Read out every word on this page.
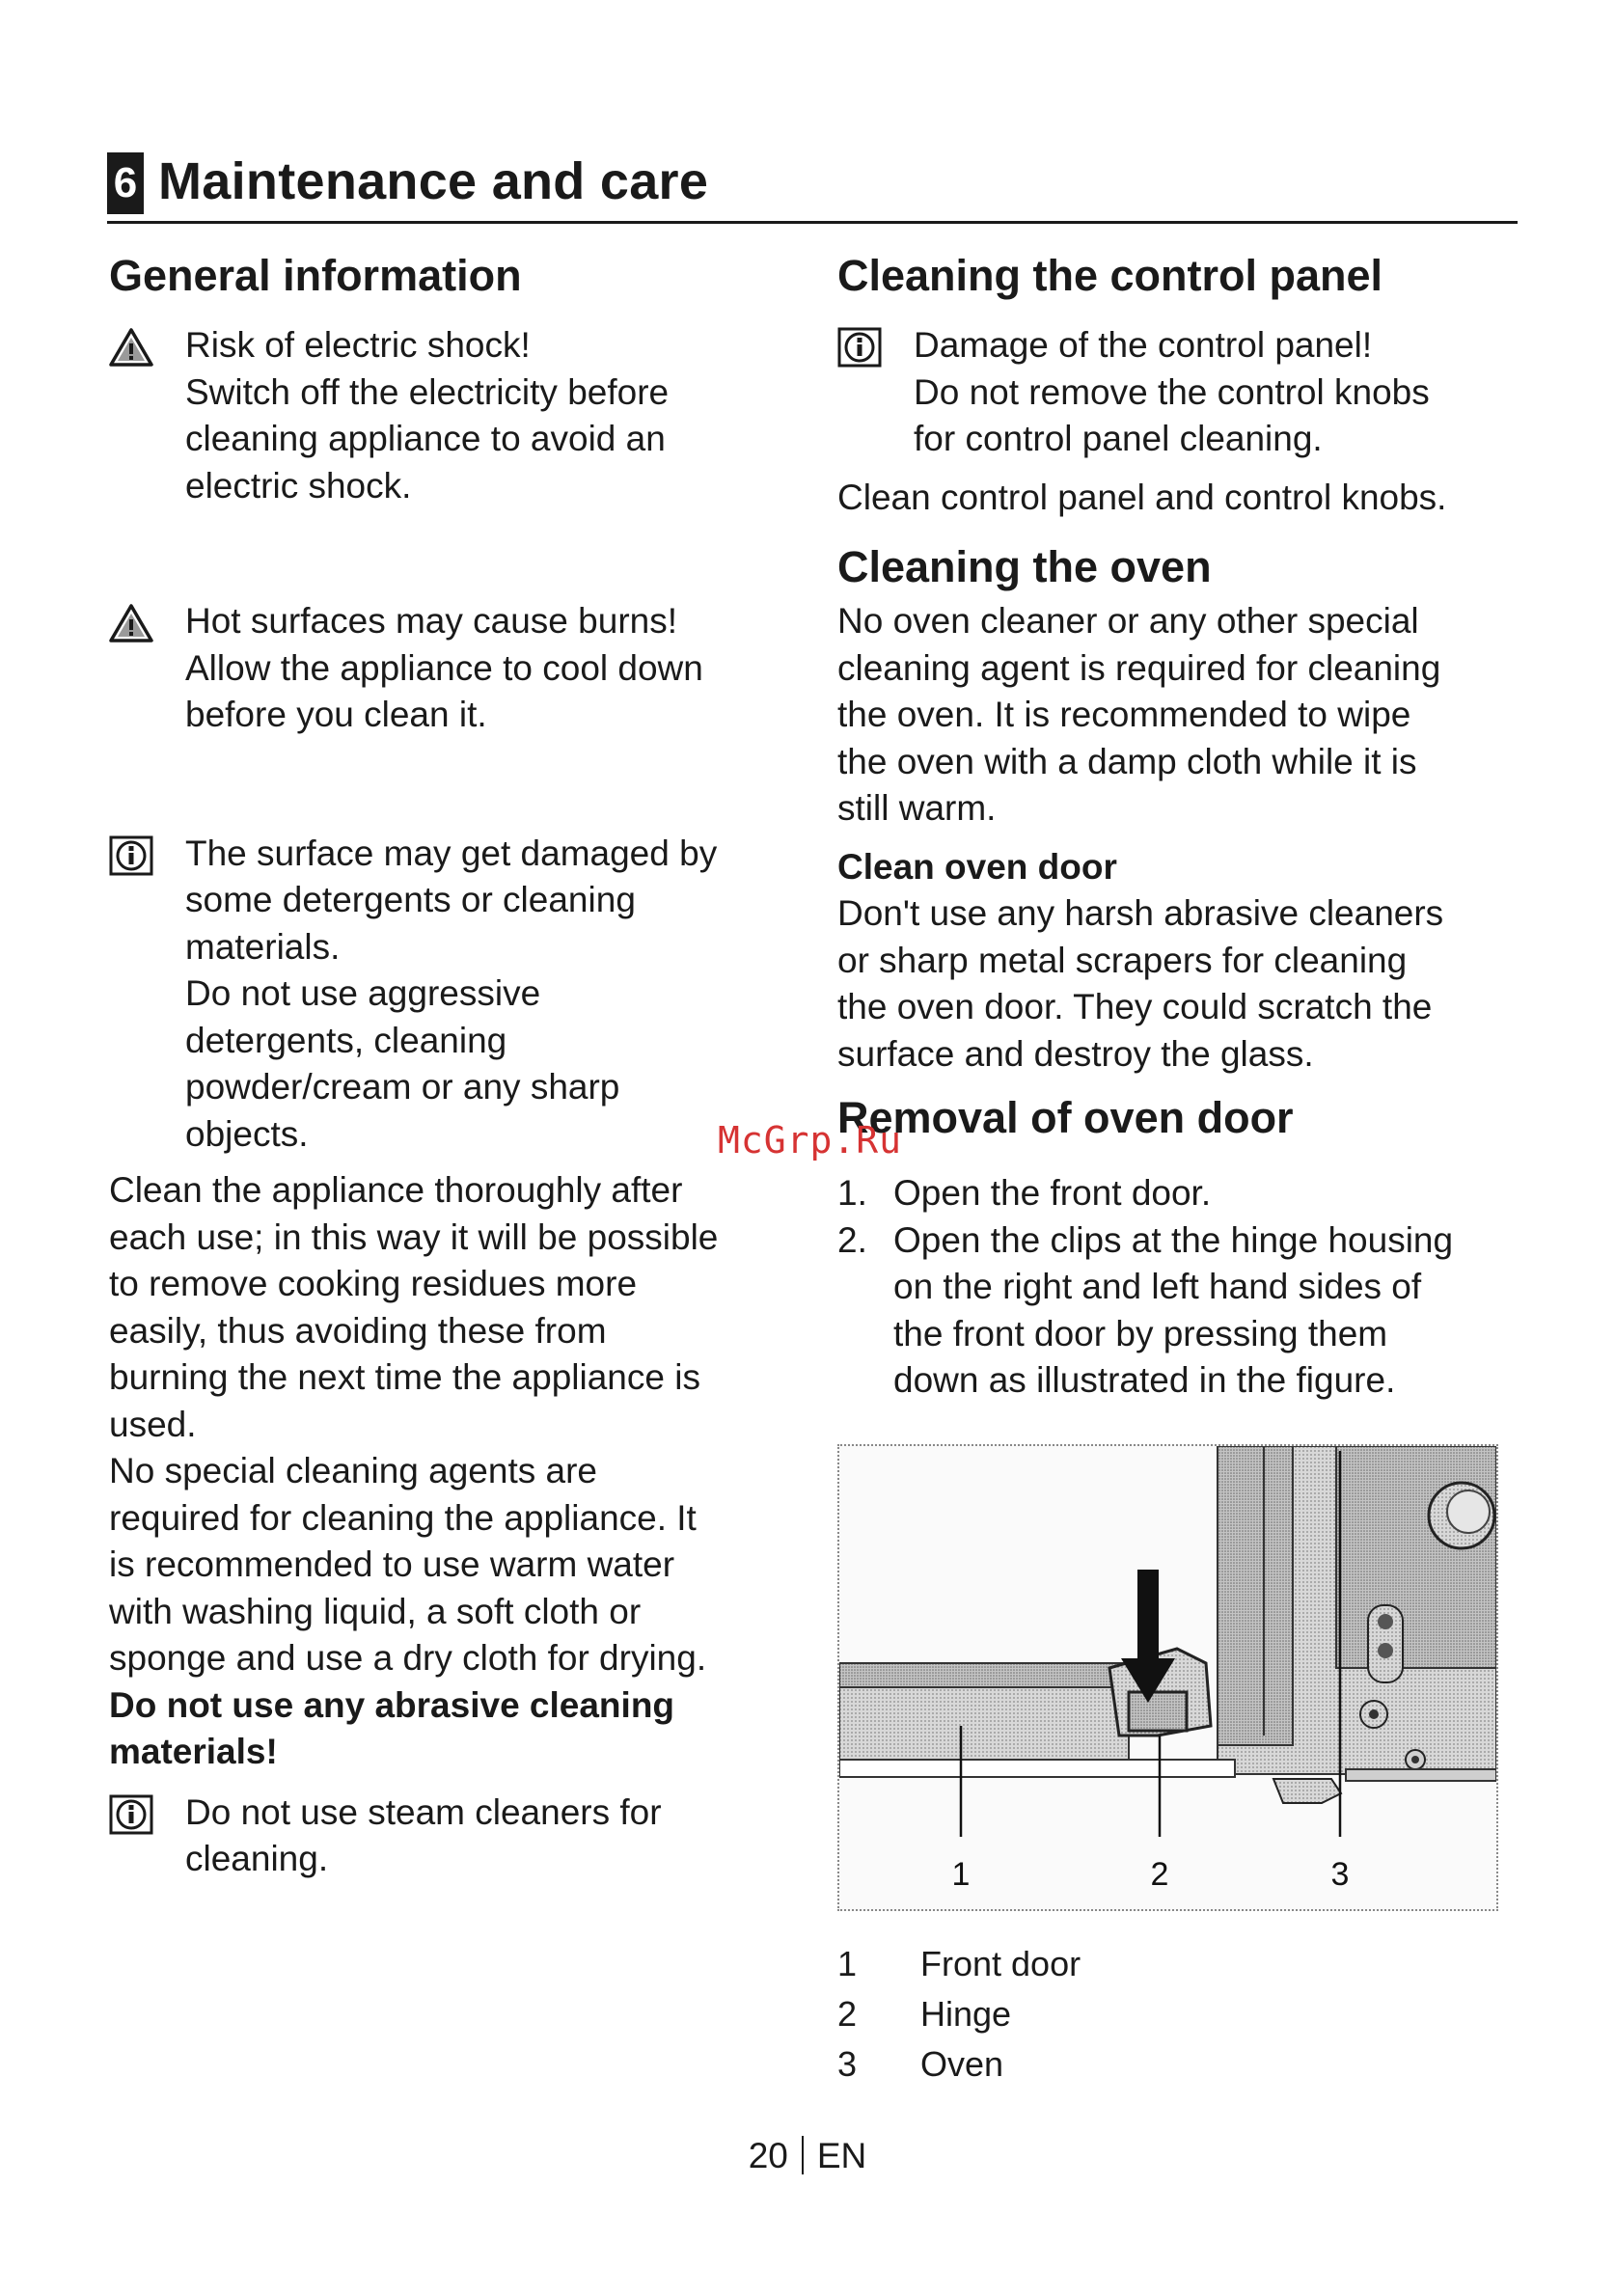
6 Maintenance and care
General information
Risk of electric shock!
Switch off the electricity before
cleaning appliance to avoid an
electric shock.
Hot surfaces may cause burns!
Allow the appliance to cool down
before you clean it.
The surface may get damaged by
some detergents or cleaning
materials.
Do not use aggressive
detergents, cleaning
powder/cream or any sharp
objects.

Clean the appliance thoroughly after

each use; in this way it will be possible

to remove cooking residues more

easily, thus avoiding these from

burning the next time the appliance is

used.

No special cleaning agents are

required for cleaning the appliance. It

is recommended to use warm water

with washing liquid, a soft cloth or

sponge and use a dry cloth for drying.

Do not use any abrasive cleaning

materials!

Do not use steam cleaners for
cleaning.
Cleaning the control panel
Damage of the control panel!
Do not remove the control knobs
for control panel cleaning.

Clean control panel and control knobs.

Cleaning the oven

No oven cleaner or any other special

cleaning agent is required for cleaning

the oven. It is recommended to wipe

the oven with a damp cloth while it is

still warm.

Clean oven door

Don't use any harsh abrasive cleaners

or sharp metal scrapers for cleaning

the oven door. They could scratch the

surface and destroy the glass.

Removal of oven door
1. Open the front door.
2. Open the clips at the hinge housing
on the right and left hand sides of
the front door by pressing them
down as illustrated in the figure.
1	2	3
1	Front door
2	Hinge
3	Oven
McGrp.Ru
20 EN
